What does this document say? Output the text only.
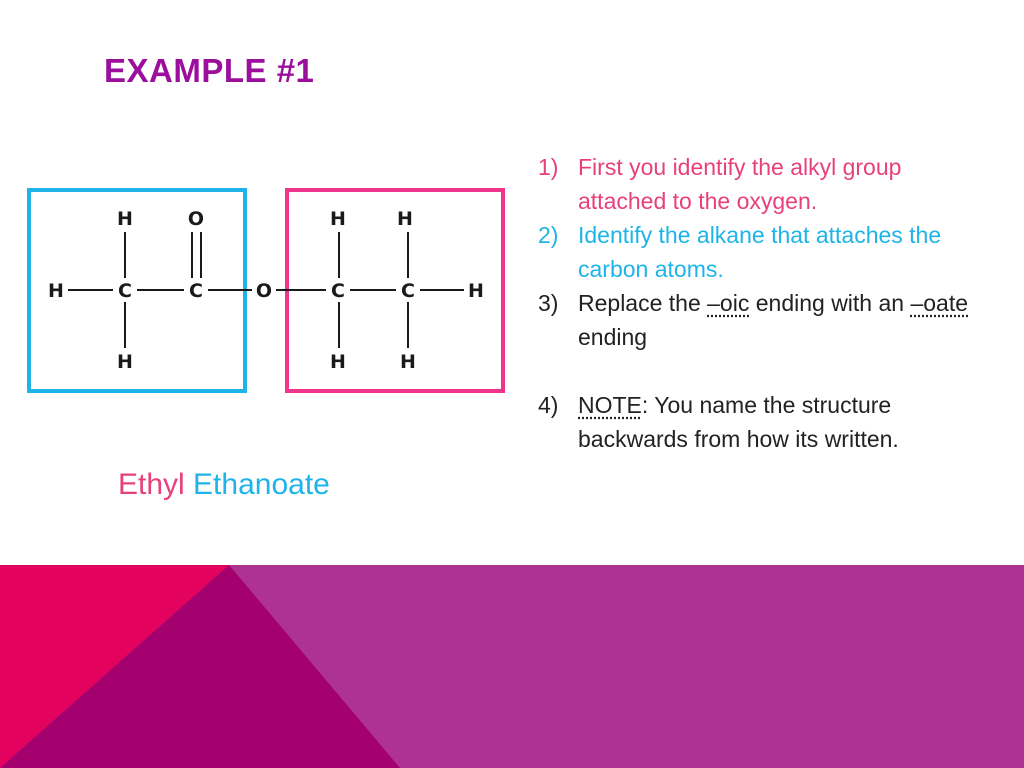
EXAMPLE #1
H	C
H
H
C
O
O	C
H
H
C
H
H
H
Ethyl Ethanoate
1) First you identify the alkyl group attached to the oxygen.
2) Identify the alkane that attaches the carbon atoms.
3) Replace the –oic ending with an –oate ending
4) NOTE: You name the structure backwards from how its written.
